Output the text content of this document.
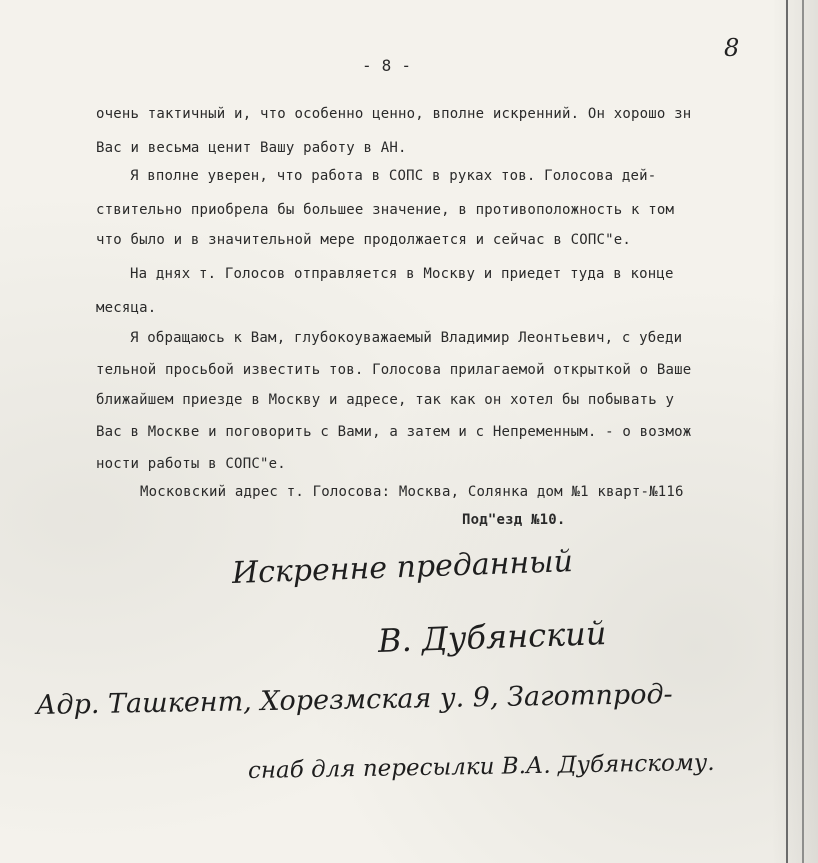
- 8 -
8
очень тактичный и, что особенно ценно, вполне искренний. Он хорошо зн
Вас и весьма ценит Вашу работу в АН.
Я вполне уверен, что работа в СОПС в руках тов. Голосова дей-
ствительно приобрела бы большее значение, в противоположность к том
что было и в значительной мере продолжается и сейчас в СОПС"е.
На днях т. Голосов отправляется в Москву и приедет туда в конце
месяца.
Я обращаюсь к Вам, глубокоуважаемый Владимир Леонтьевич, с убеди
тельной просьбой известить тов. Голосова прилагаемой открыткой о Ваше
ближайшем приезде в Москву и адресе, так как он хотел бы побывать у
Вас в Москве и поговорить с Вами, а затем и с Непременным. - о возмож
ности работы в СОПС"е.
Московский адрес т. Голосова: Москва, Солянка дом №1 кварт-№116
Под"езд №10.
Искренне преданный
В. Дубянский
Адр. Ташкент, Хорезмская у. 9, Заготпрод-
снаб для пересылки В.А. Дубянскому.
